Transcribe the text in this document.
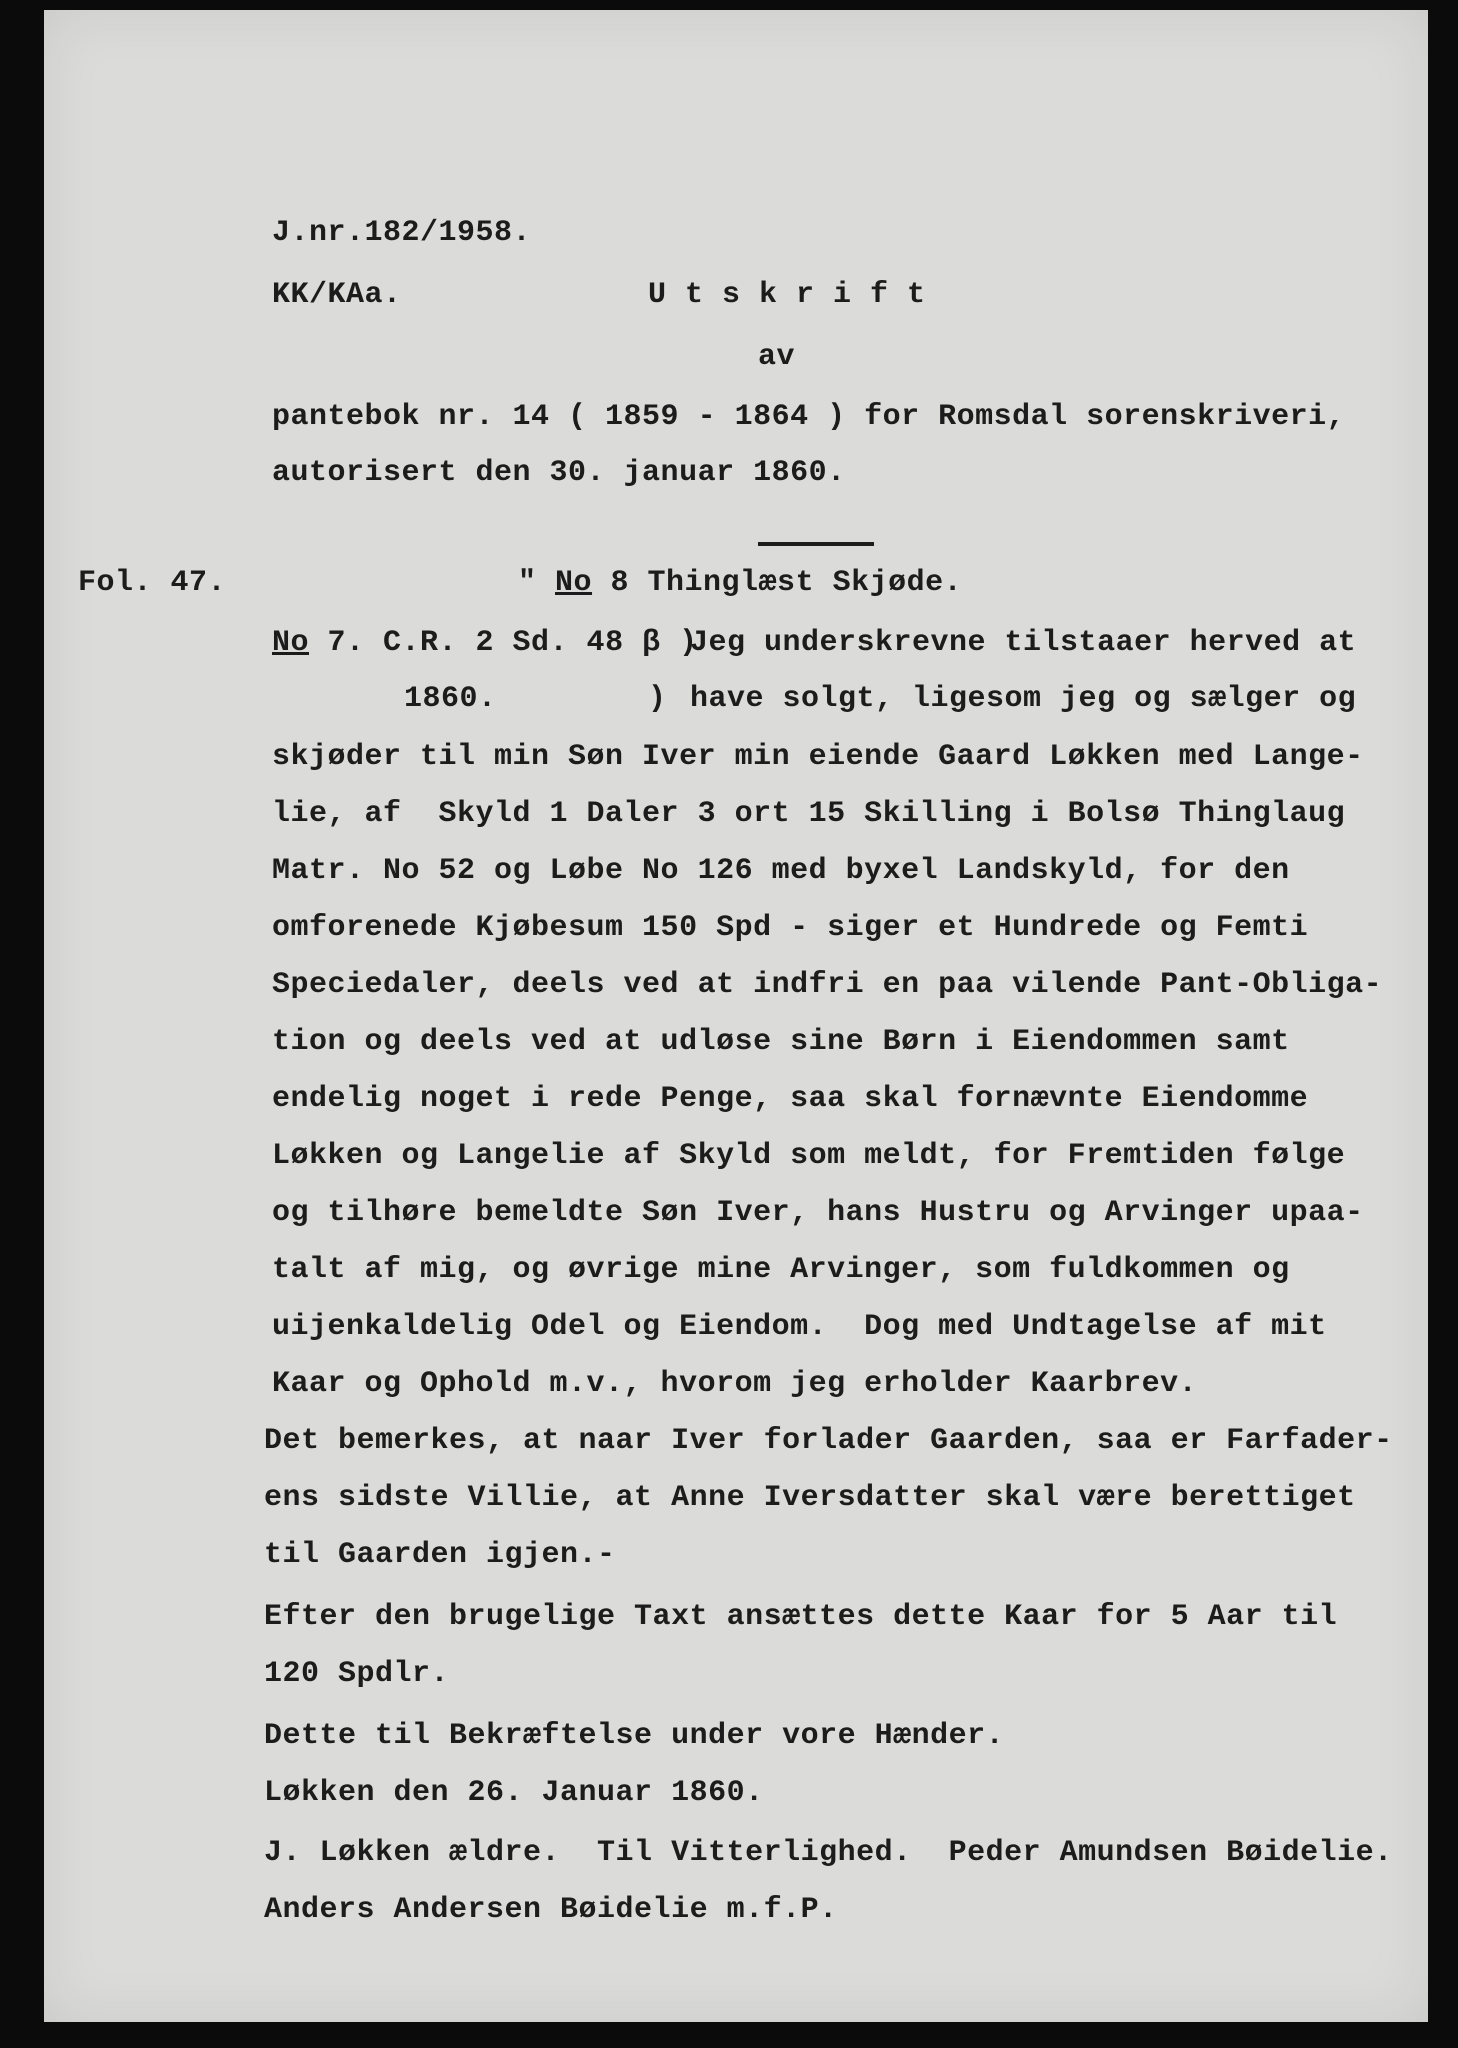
J.nr.182/1958.
KK/KAa.	Utskrift
av
pantebok nr. 14 ( 1859 - 1864 ) for Romsdal sorenskriveri,
autorisert den 30. januar 1860.
Fol. 47.	" No 8 Thinglæst Skjøde.
No 7. C.R. 2 Sd. 48 β )
Jeg underskrevne tilstaaer herved at
1860.	) have solgt, ligesom jeg og sælger og
skjøder til min Søn Iver min eiende Gaard Løkken med Lange-
lie, af  Skyld 1 Daler 3 ort 15 Skilling i Bolsø Thinglaug
Matr. No 52 og Løbe No 126 med byxel Landskyld, for den
omforenede Kjøbesum 150 Spd - siger et Hundrede og Femti
Speciedaler, deels ved at indfri en paa vilende Pant-Obliga-
tion og deels ved at udløse sine Børn i Eiendommen samt
endelig noget i rede Penge, saa skal fornævnte Eiendomme
Løkken og Langelie af Skyld som meldt, for Fremtiden følge
og tilhøre bemeldte Søn Iver, hans Hustru og Arvinger upaa-
talt af mig, og øvrige mine Arvinger, som fuldkommen og
uijenkaldelig Odel og Eiendom.  Dog med Undtagelse af mit
Kaar og Ophold m.v., hvorom jeg erholder Kaarbrev.
Det bemerkes, at naar Iver forlader Gaarden, saa er Farfader-
ens sidste Villie, at Anne Iversdatter skal være berettiget
til Gaarden igjen.-
Efter den brugelige Taxt ansættes dette Kaar for 5 Aar til
120 Spdlr.
Dette til Bekræftelse under vore Hænder.
Løkken den 26. Januar 1860.
J. Løkken ældre.  Til Vitterlighed.  Peder Amundsen Bøidelie.
Anders Andersen Bøidelie m.f.P.
